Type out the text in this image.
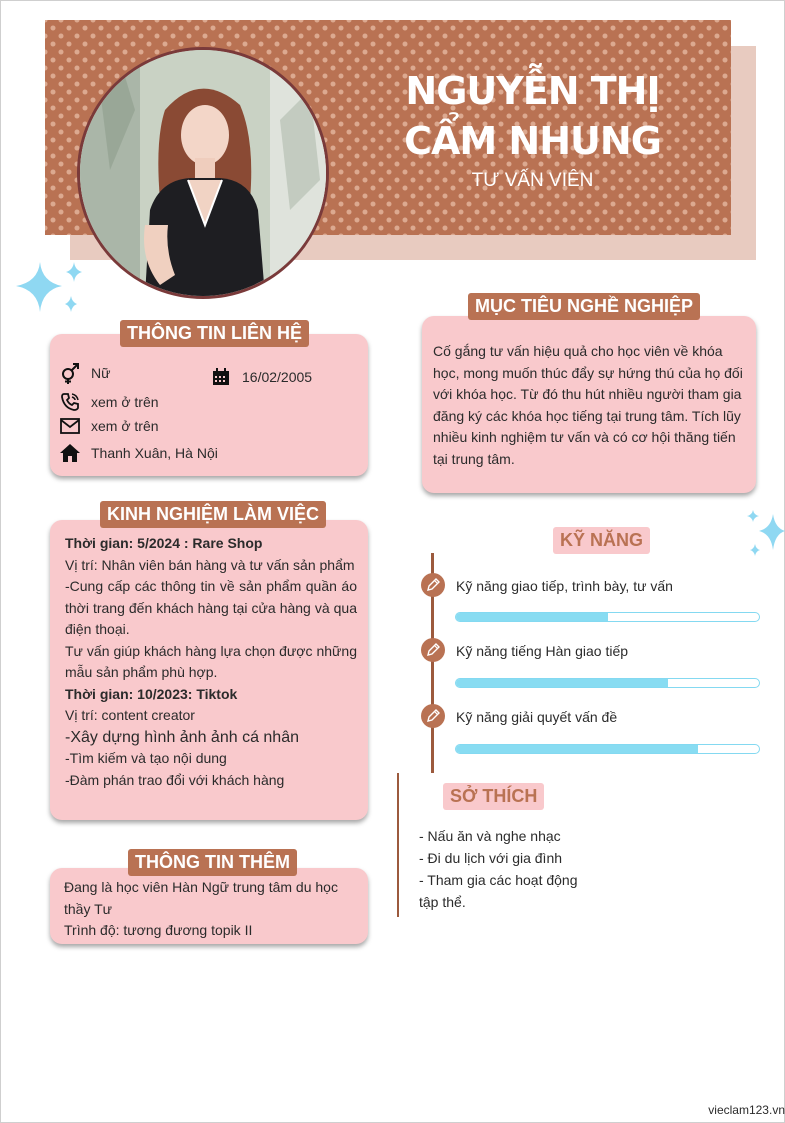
NGUYỄN THỊ CẨM NHUNG
TƯ VẤN VIÊN
THÔNG TIN LIÊN HỆ
Nữ	16/02/2005
xem ở trên
xem ở trên
Thanh Xuân, Hà Nội
KINH NGHIỆM LÀM VIỆC

Thời gian: 5/2024 : Rare Shop

Vị trí: Nhân viên bán hàng và tư vấn sản phẩm

-Cung cấp các thông tin về sản phẩm quần áo thời trang đến khách hàng tại cửa hàng và qua điện thoại.

Tư vấn giúp khách hàng lựa chọn được những mẫu sản phẩm phù hợp.

Thời gian: 10/2023: Tiktok

Vị trí: content creator

-Xây dựng hình ảnh ảnh cá nhân

-Tìm kiếm và tạo nội dung

-Đàm phán trao đổi với khách hàng

THÔNG TIN THÊM
Đang là học viên Hàn Ngữ trung tâm du học thầy Tư
Trình độ: tương đương topik II
MỤC TIÊU NGHỀ NGHIỆP
Cố gắng tư vấn hiệu quả cho học viên về khóa học, mong muốn thúc đẩy sự hứng thú của họ đối với khóa học. Từ đó thu hút nhiều người tham gia đăng ký các khóa học tiếng tại trung tâm. Tích lũy nhiều kinh nghiệm tư vấn và có cơ hội thăng tiến tại trung tâm.
KỸ NĂNG
Kỹ năng giao tiếp, trình bày, tư vấn
Kỹ năng tiếng Hàn giao tiếp
Kỹ năng giải quyết vấn đề
SỞ THÍCH
- Nấu ăn và nghe nhạc
- Đi du lịch với gia đình
- Tham gia các hoạt động tập thể.
vieclam123.vn
